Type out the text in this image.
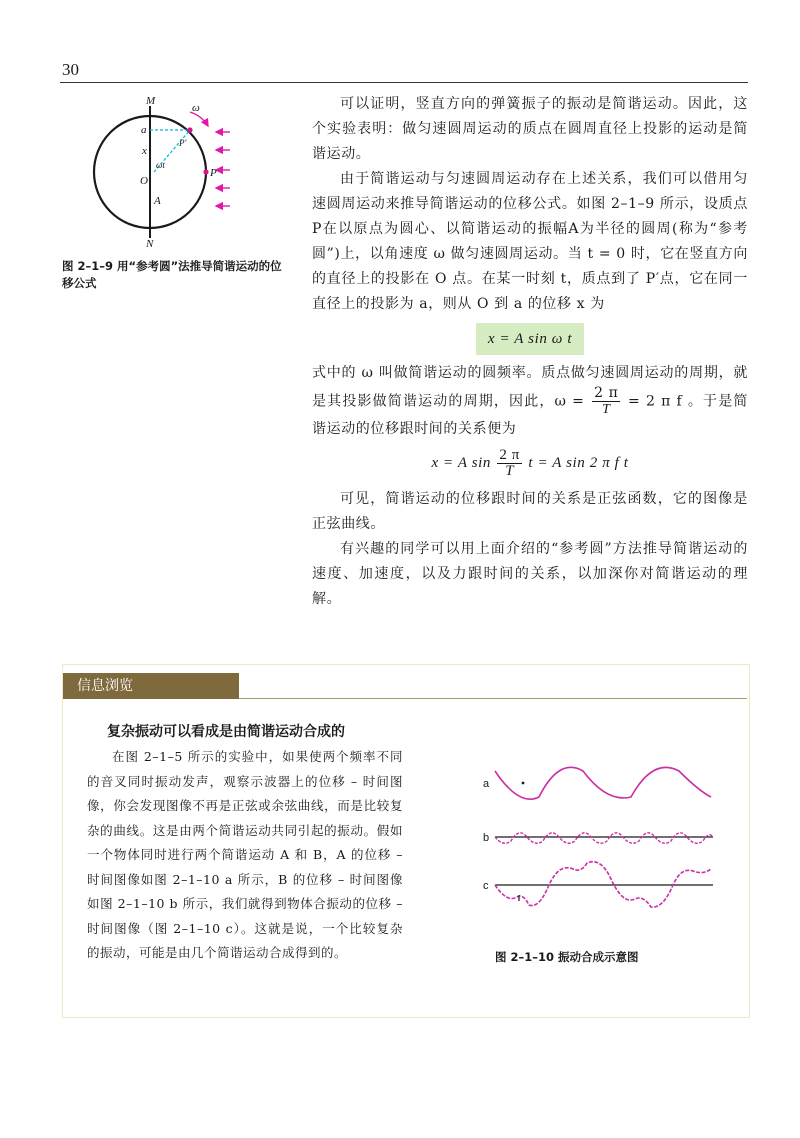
30
M
a
x
O
A
N
P
P'
ω
ωt
图 2–1–9 用“参考圆”法推导简谐运动的位移公式

可以证明，竖直方向的弹簧振子的振动是简谐运动。因此，这个实验表明：做匀速圆周运动的质点在圆周直径上投影的运动是简谐运动。

由于简谐运动与匀速圆周运动存在上述关系，我们可以借用匀速圆周运动来推导简谐运动的位移公式。如图 2–1–9 所示，设质点P在以原点为圆心、以简谐运动的振幅A为半径的圆周(称为“参考圆”)上，以角速度 ω 做匀速圆周运动。当 t = 0 时，它在竖直方向的直径上的投影在 O 点。在某一时刻 t，质点到了 P′点，它在同一直径上的投影为 a，则从 O 到 a 的位移 x 为

x = A sin ω t

式中的 ω 叫做简谐运动的圆频率。质点做匀速圆周运动的周期，就是其投影做简谐运动的周期，因此，$\omega = \frac{2 \pi}{T} = 2$ π f 。于是简谐运动的位移跟时间的关系便为

x = A $\sin \frac{2 \pi}{T}$ t = A sin 2 π f t

可见，简谐运动的位移跟时间的关系是正弦函数，它的图像是正弦曲线。

有兴趣的同学可以用上面介绍的“参考圆”方法推导简谐运动的速度、加速度，以及力跟时间的关系，以加深你对简谐运动的理解。

信息浏览
复杂振动可以看成是由简谐运动合成的

在图 2–1–5 所示的实验中，如果使两个频率不同的音叉同时振动发声，观察示波器上的位移 – 时间图像，你会发现图像不再是正弦或余弦曲线，而是比较复杂的曲线。这是由两个简谐运动共同引起的振动。假如一个物体同时进行两个简谐运动 A 和 B，A 的位移 – 时间图像如图 2–1–10 a 所示，B 的位移 – 时间图像如图 2–1–10 b 所示，我们就得到物体合振动的位移 – 时间图像（图 2–1–10 c）。这就是说，一个比较复杂的振动，可能是由几个简谐运动合成得到的。

a
b
c
图 2–1–10 振动合成示意图
